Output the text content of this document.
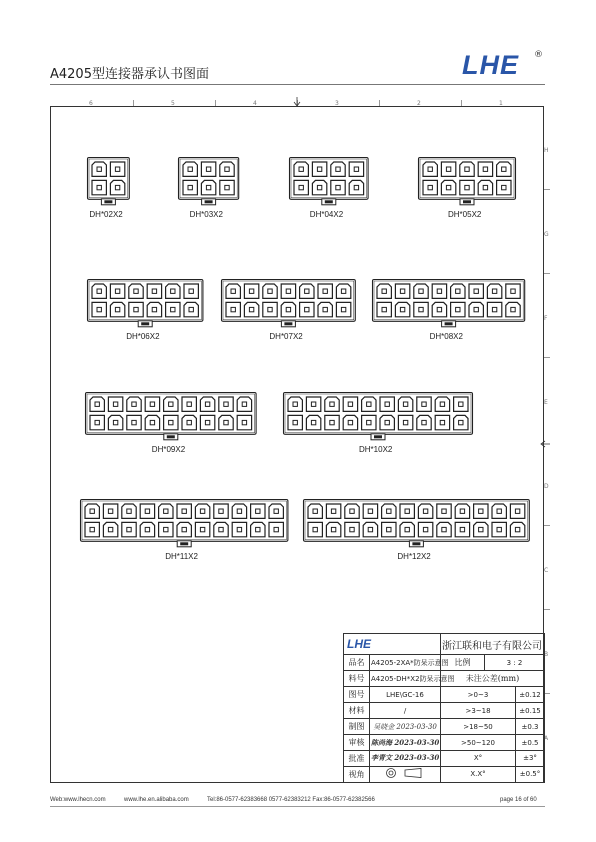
A4205型连接器承认书图面	LHE ®
6	5	4	3	2	1
H
G
F
E
D
C
B
A
DH*02X2	DH*03X2	DH*04X2	DH*05X2
DH*06X2	DH*07X2	DH*08X2
DH*09X2	DH*10X2
DH*11X2	DH*12X2
LHE		浙江联和电子有限公司		
品名	A4205-2XA*防呆示意图	比例	3 : 2	
料号	A4205-DH*X2防呆示意图	未注公差(mm)		
图号	LHE\GC-16	>0~3		±0.12
材料	/	>3~18		±0.15
制图	吴晓金 2023-03-30	>18~50		±0.3
审核	陈尚海 2023-03-30	>50~120		±0.5
批准	李青文 2023-03-30	X°		±3°
视角		X.X°		±0.5°
Web:www.lhecn.com	www.lhe.en.alibaba.com	Tel:86-0577-62383668 0577-62383212 Fax:86-0577-62382566	page 16 of 60
